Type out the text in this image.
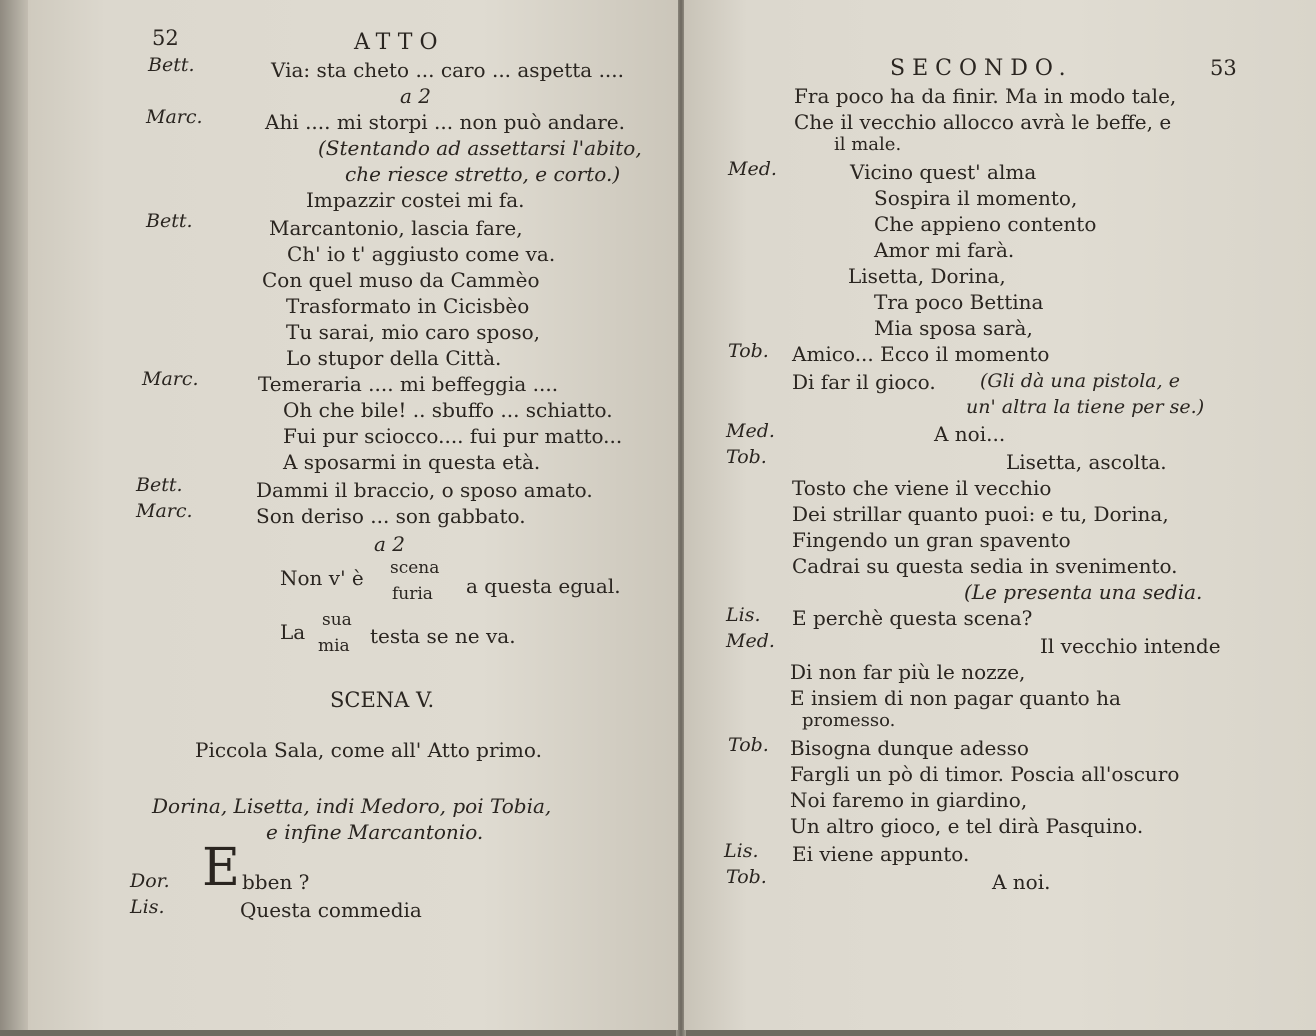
52	ATTO
Bett.	Via: sta cheto ... caro ... aspetta ....
a 2
Marc.	Ahi .... mi storpi ... non può andare.
(Stentando ad assettarsi l'abito,
che riesce stretto, e corto.)
Impazzir costei mi fa.
Bett.	Marcantonio, lascia fare,
Ch' io t' aggiusto come va.
Con quel muso da Cammèo
Trasformato in Cicisbèo
Tu sarai, mio caro sposo,
Lo stupor della Città.
Marc.	Temeraria .... mi beffeggia ....
Oh che bile! .. sbuffo ... schiatto.
Fui pur sciocco.... fui pur matto...
A sposarmi in questa età.
Bett.	Dammi il braccio, o sposo amato.
Marc.	Son deriso ... son gabbato.
a 2
Non v' è scena
furia a questa egual.
La sua
mia testa se ne va.
SCENA V.
Piccola Sala, come all' Atto primo.
Dorina, Lisetta, indi Medoro, poi Tobia,
e infine Marcantonio.
Dor. E bben ?
Lis.	Questa commedia
SECONDO.	53
Fra poco ha da finir. Ma in modo tale,
Che il vecchio allocco avrà le beffe, e
il male.
Med.	Vicino quest' alma
Sospira il momento,
Che appieno contento
Amor mi farà.
Lisetta, Dorina,
Tra poco Bettina
Mia sposa sarà,
Tob. Amico... Ecco il momento
Di far il gioco. (Gli dà una pistola, e
un' altra la tiene per se.)
Med.	A noi...
Tob.	Lisetta, ascolta.
Tosto che viene il vecchio
Dei strillar quanto puoi: e tu, Dorina,
Fingendo un gran spavento
Cadrai su questa sedia in svenimento.
(Le presenta una sedia.
Lis. E perchè questa scena?
Med.	Il vecchio intende
Di non far più le nozze,
E insiem di non pagar quanto ha
promesso.
Tob. Bisogna dunque adesso
Fargli un pò di timor. Poscia all'oscuro
Noi faremo in giardino,
Un altro gioco, e tel dirà Pasquino.
Lis. Ei viene appunto.
Tob.	A noi.
